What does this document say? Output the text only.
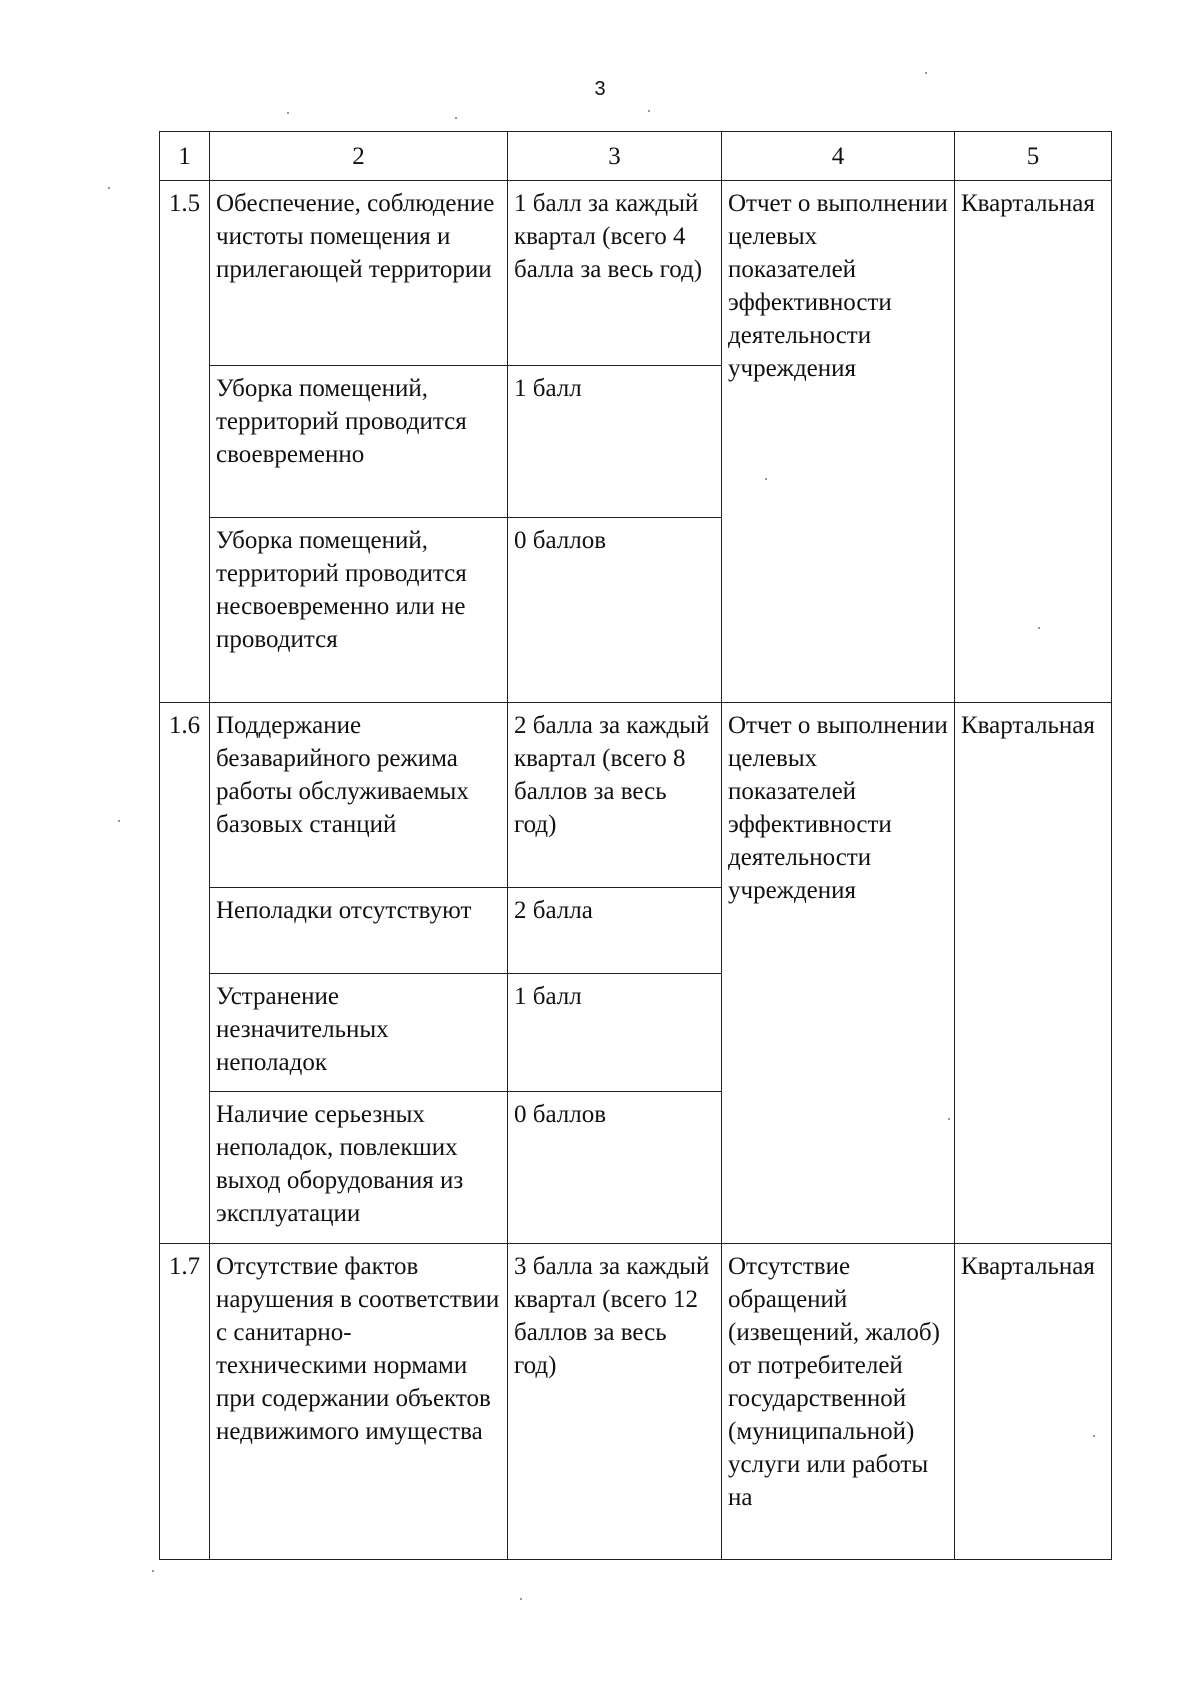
3
1	2	3	4	5
1.5	Обеспечение, соблюдение чистоты помещения и прилегающей территории	1 балл за каждый квартал (всего 4 балла за весь год)	Отчет о выполнении целевых показателей эффективности деятельности учреждения	Квартальная
	Уборка помещений, территорий проводится своевременно	1 балл		
	Уборка помещений, территорий проводится несвоевременно или не проводится	0 баллов		
1.6	Поддержание безаварийного режима работы обслуживаемых базовых станций	2 балла за каждый квартал (всего 8 баллов за весь год)	Отчет о выполнении целевых показателей эффективности деятельности учреждения	Квартальная
	Неполадки отсутствуют	2 балла		
	Устранение незначительных неполадок	1 балл		
	Наличие серьезных неполадок, повлекших выход оборудования из эксплуатации	0 баллов		
1.7	Отсутствие фактов нарушения в соответствии с санитарно-техническими нормами при содержании объектов недвижимого имущества	3 балла за каждый квартал (всего 12 баллов за весь год)	Отсутствие обращений (извещений, жалоб) от потребителей государственной (муниципальной) услуги или работы на	Квартальная
